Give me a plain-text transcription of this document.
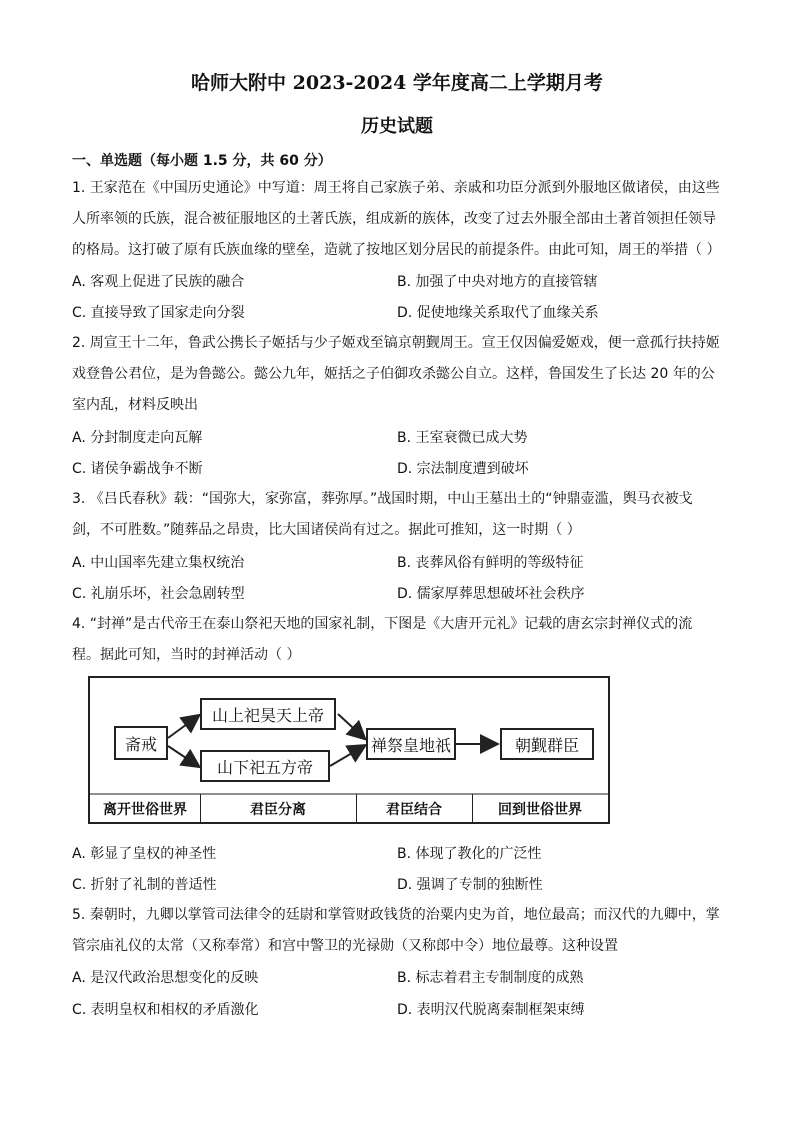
哈师大附中 2023-2024 学年度高二上学期月考
历史试题
一、单选题（每小题 1.5 分，共 60 分）
1. 王家范在《中国历史通论》中写道：周王将自己家族子弟、亲戚和功臣分派到外服地区做诸侯，由这些
人所率领的氏族，混合被征服地区的土著氏族，组成新的族体，改变了过去外服全部由土著首领担任领导
的格局。这打破了原有氏族血缘的壁垒，造就了按地区划分居民的前提条件。由此可知，周王的举措（ ）
A. 客观上促进了民族的融合	B. 加强了中央对地方的直接管辖
C. 直接导致了国家走向分裂	D. 促使地缘关系取代了血缘关系
2. 周宣王十二年，鲁武公携长子姬括与少子姬戏至镐京朝觐周王。宣王仅因偏爱姬戏，便一意孤行扶持姬
戏登鲁公君位，是为鲁懿公。懿公九年，姬括之子伯御攻杀懿公自立。这样，鲁国发生了长达 20 年的公
室内乱，材料反映出
A. 分封制度走向瓦解	B. 王室衰微已成大势
C. 诸侯争霸战争不断	D. 宗法制度遭到破坏
3. 《吕氏春秋》载：“国弥大，家弥富，葬弥厚。”战国时期，中山王墓出土的“钟鼎壶滥，舆马衣被戈
剑，不可胜数。”随葬品之昂贵，比大国诸侯尚有过之。据此可推知，这一时期（ ）
A. 中山国率先建立集权统治	B. 丧葬风俗有鲜明的等级特征
C. 礼崩乐坏，社会急剧转型	D. 儒家厚葬思想破坏社会秩序
4. “封禅”是古代帝王在泰山祭祀天地的国家礼制，下图是《大唐开元礼》记载的唐玄宗封禅仪式的流
程。据此可知，当时的封禅活动（ ）
斋戒
山上祀昊天上帝
山下祀五方帝
禅祭皇地祇	朝觐群臣
离开世俗世界	君臣分离	君臣结合	回到世俗世界
A. 彰显了皇权的神圣性	B. 体现了教化的广泛性
C. 折射了礼制的普适性	D. 强调了专制的独断性
5. 秦朝时，九卿以掌管司法律令的廷尉和掌管财政钱货的治粟内史为首，地位最高；而汉代的九卿中，掌
管宗庙礼仪的太常（又称奉常）和宫中警卫的光禄勋（又称郎中令）地位最尊。这种设置
A. 是汉代政治思想变化的反映	B. 标志着君主专制制度的成熟
C. 表明皇权和相权的矛盾激化	D. 表明汉代脱离秦制框架束缚
